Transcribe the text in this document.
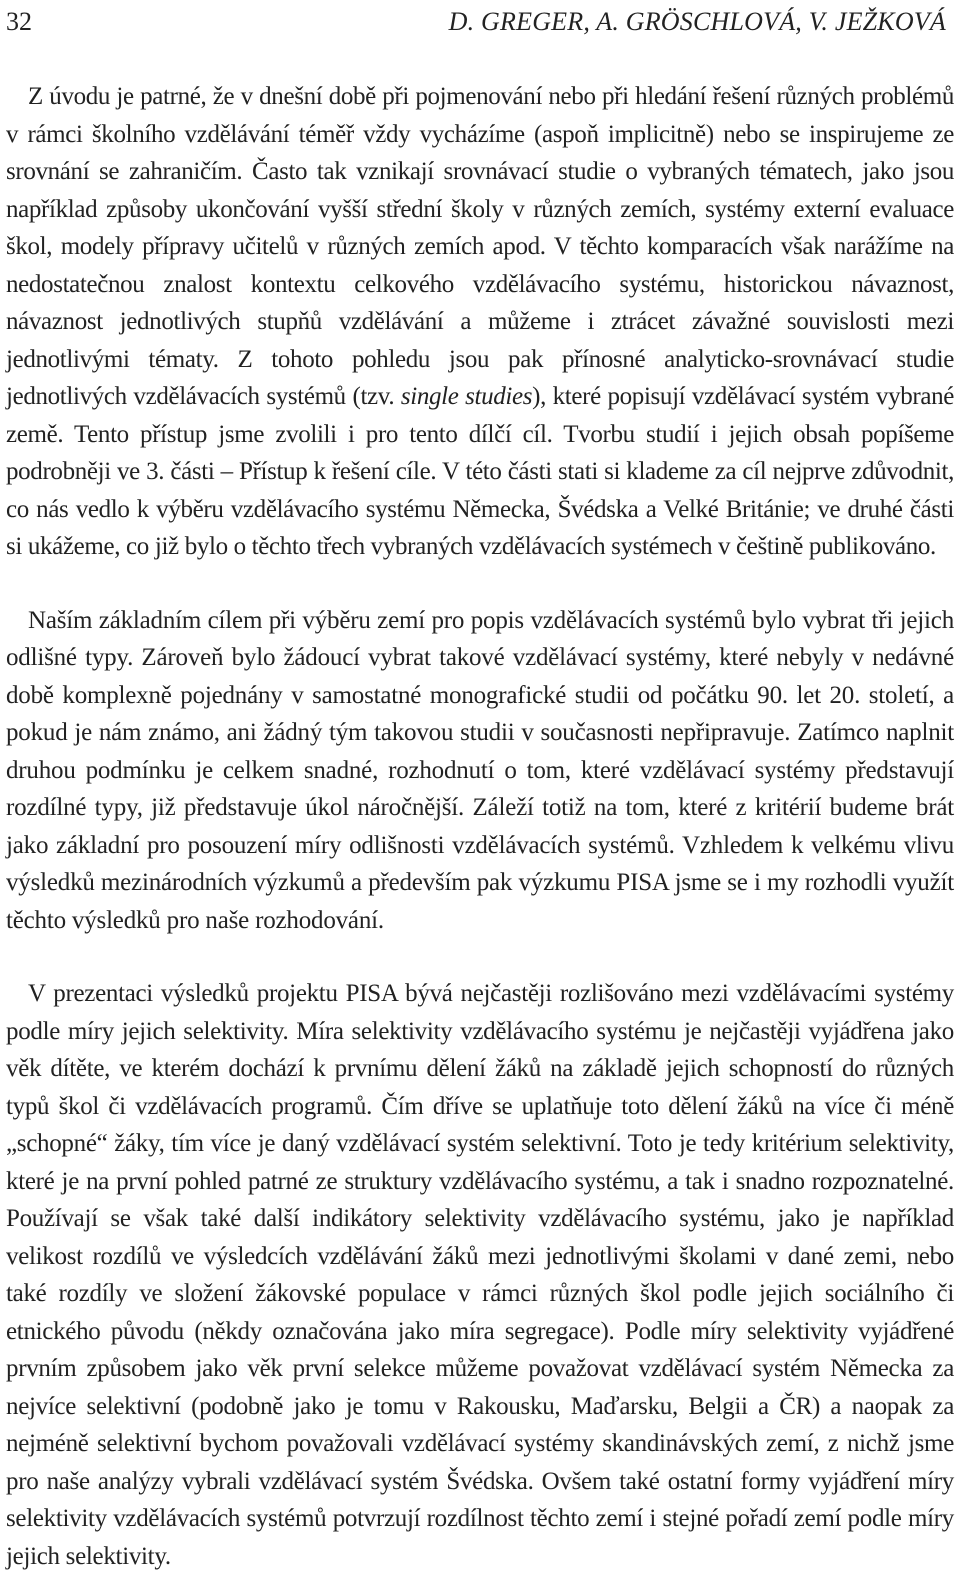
32	D. GREGER, A. GRÖSCHLOVÁ, V. JEŽKOVÁ

Z úvodu je patrné, že v dnešní době při pojmenování nebo při hledání řešení různých problémů v rámci školního vzdělávání téměř vždy vycházíme (aspoň implicitně) nebo se inspirujeme ze srovnání se zahraničím. Často tak vznikají srovnávací studie o vybraných tématech, jako jsou například způsoby ukončování vyšší střední školy v různých zemích, systémy externí evaluace škol, modely přípravy učitelů v různých zemích apod. V těchto komparacích však narážíme na nedostatečnou znalost kontextu celkového vzdělávacího systému, historickou návaznost, návaznost jednotlivých stupňů vzdělávání a můžeme i ztrácet závažné souvislosti mezi jednotlivými tématy. Z tohoto pohledu jsou pak přínosné analyticko-srovnávací studie jednotlivých vzdělávacích systémů (tzv. single studies), které popisují vzdělávací systém vybrané země. Tento přístup jsme zvolili i pro tento dílčí cíl. Tvorbu studií i jejich obsah popíšeme podrobněji ve 3. části – Přístup k řešení cíle. V této části stati si klademe za cíl nejprve zdůvodnit, co nás vedlo k výběru vzdělávacího systému Německa, Švédska a Velké Británie; ve druhé části si ukážeme, co již bylo o těchto třech vybraných vzdělávacích systémech v češtině publikováno.

Naším základním cílem při výběru zemí pro popis vzdělávacích systémů bylo vybrat tři jejich odlišné typy. Zároveň bylo žádoucí vybrat takové vzdělávací systémy, které nebyly v nedávné době komplexně pojednány v samostatné monografické studii od počátku 90. let 20. století, a pokud je nám známo, ani žádný tým takovou studii v současnosti nepřipravuje. Zatímco naplnit druhou podmínku je celkem snadné, rozhodnutí o tom, které vzdělávací systémy představují rozdílné typy, již představuje úkol náročnější. Záleží totiž na tom, které z kritérií budeme brát jako základní pro posouzení míry odlišnosti vzdělávacích systémů. Vzhledem k velkému vlivu výsledků mezinárodních výzkumů a především pak výzkumu PISA jsme se i my rozhodli využít těchto výsledků pro naše rozhodování.

V prezentaci výsledků projektu PISA bývá nejčastěji rozlišováno mezi vzdělávacími systémy podle míry jejich selektivity. Míra selektivity vzdělávacího systému je nejčastěji vyjádřena jako věk dítěte, ve kterém dochází k prvnímu dělení žáků na základě jejich schopností do různých typů škol či vzdělávacích programů. Čím dříve se uplatňuje toto dělení žáků na více či méně „schopné“ žáky, tím více je daný vzdělávací systém selektivní. Toto je tedy kritérium selektivity, které je na první pohled patrné ze struktury vzdělávacího systému, a tak i snadno rozpoznatelné. Používají se však také další indikátory selektivity vzdělávacího systému, jako je například velikost rozdílů ve výsledcích vzdělávání žáků mezi jednotlivými školami v dané zemi, nebo také rozdíly ve složení žákovské populace v rámci různých škol podle jejich sociálního či etnického původu (někdy označována jako míra segregace). Podle míry selektivity vyjádřené prvním způsobem jako věk první selekce můžeme považovat vzdělávací systém Německa za nejvíce selektivní (podobně jako je tomu v Rakousku, Maďarsku, Belgii a ČR) a naopak za nejméně selektivní bychom považovali vzdělávací systémy skandinávských zemí, z nichž jsme pro naše analýzy vybrali vzdělávací systém Švédska. Ovšem také ostatní formy vyjádření míry selektivity vzdělávacích systémů potvrzují rozdílnost těchto zemí i stejné pořadí zemí podle míry jejich selektivity.
